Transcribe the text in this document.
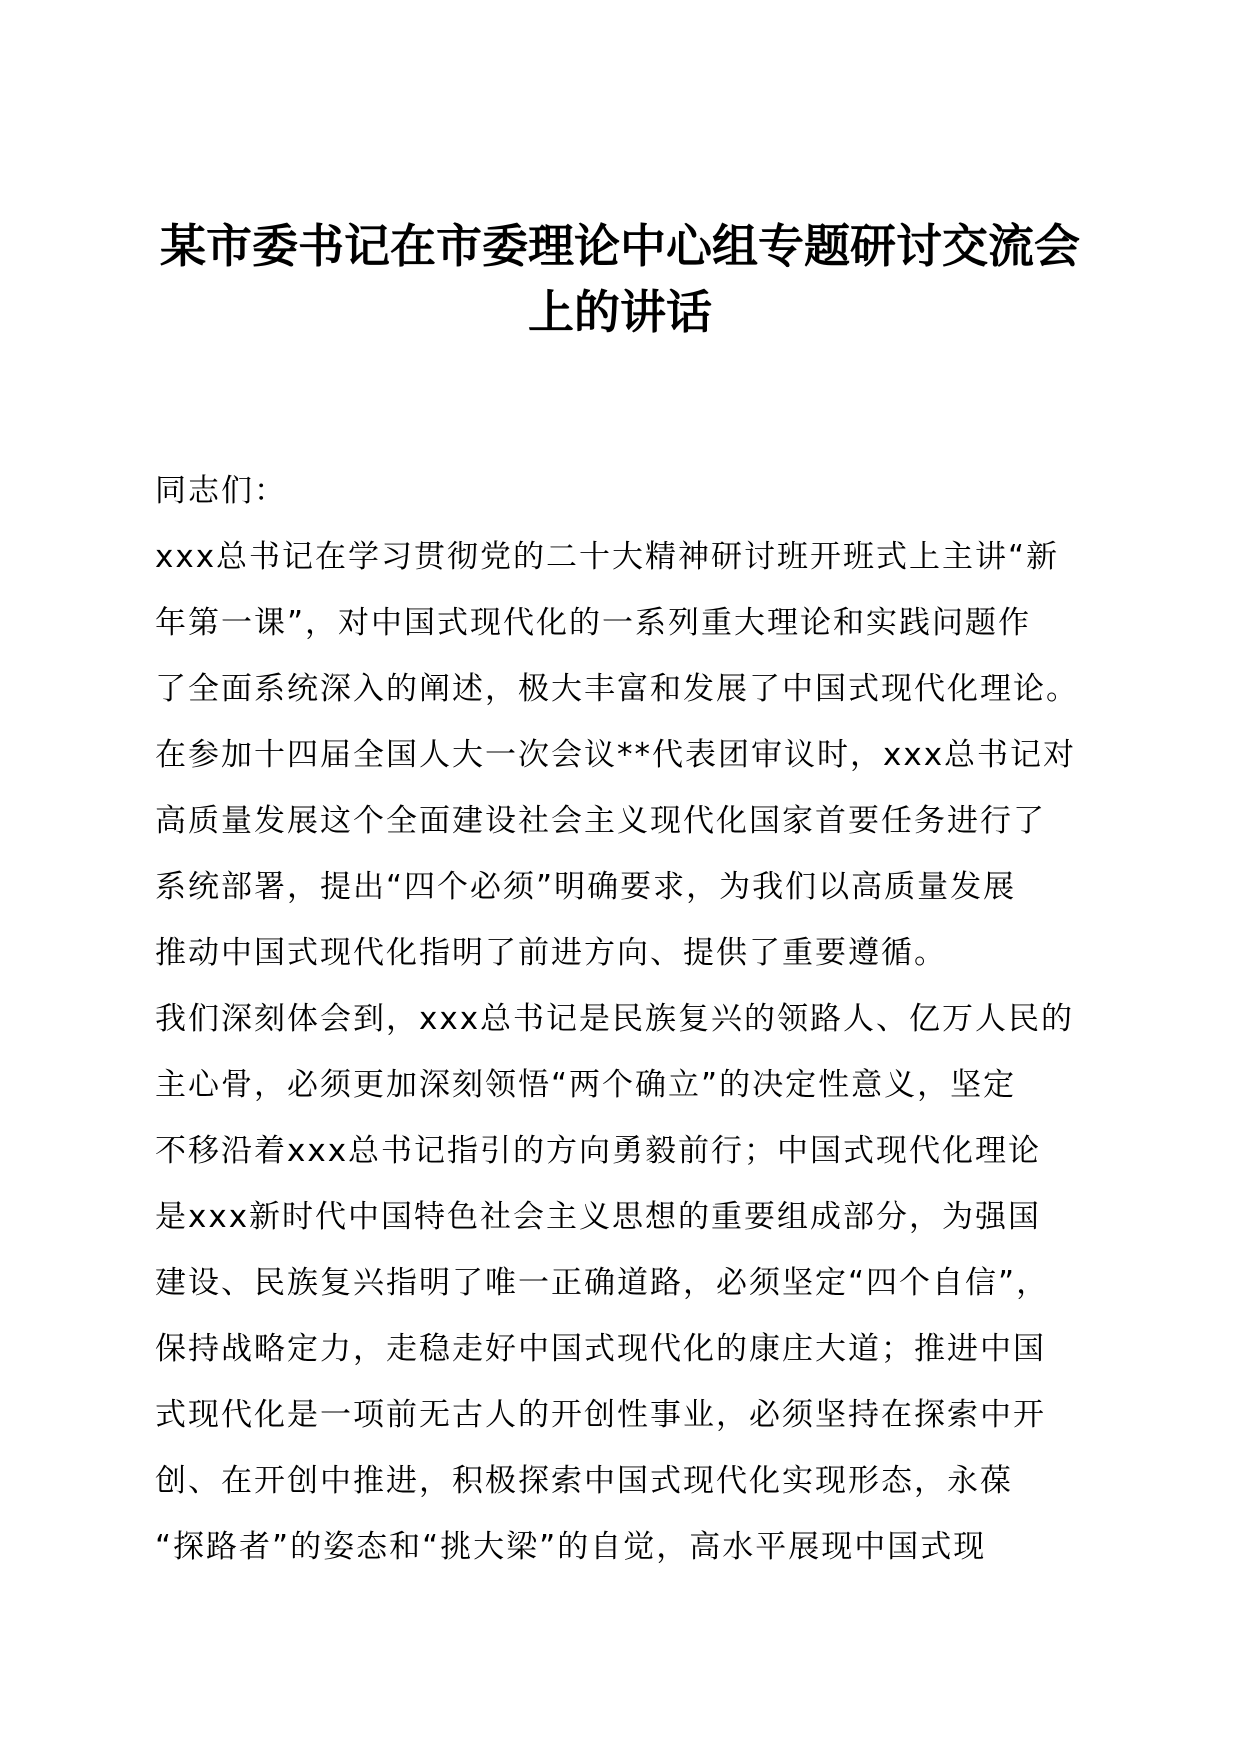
某市委书记在市委理论中心组专题研讨交流会
上的讲话
同志们：
xxx总书记在学习贯彻党的二十大精神研讨班开班式上主讲“新
年第一课”，对中国式现代化的一系列重大理论和实践问题作
了全面系统深入的阐述，极大丰富和发展了中国式现代化理论。
在参加十四届全国人大一次会议**代表团审议时，xxx总书记对
高质量发展这个全面建设社会主义现代化国家首要任务进行了
系统部署，提出“四个必须”明确要求，为我们以高质量发展
推动中国式现代化指明了前进方向、提供了重要遵循。
我们深刻体会到，xxx总书记是民族复兴的领路人、亿万人民的
主心骨，必须更加深刻领悟“两个确立”的决定性意义，坚定
不移沿着xxx总书记指引的方向勇毅前行；中国式现代化理论
是xxx新时代中国特色社会主义思想的重要组成部分，为强国
建设、民族复兴指明了唯一正确道路，必须坚定“四个自信”，
保持战略定力，走稳走好中国式现代化的康庄大道；推进中国
式现代化是一项前无古人的开创性事业，必须坚持在探索中开
创、在开创中推进，积极探索中国式现代化实现形态，永葆
“探路者”的姿态和“挑大梁”的自觉，高水平展现中国式现
